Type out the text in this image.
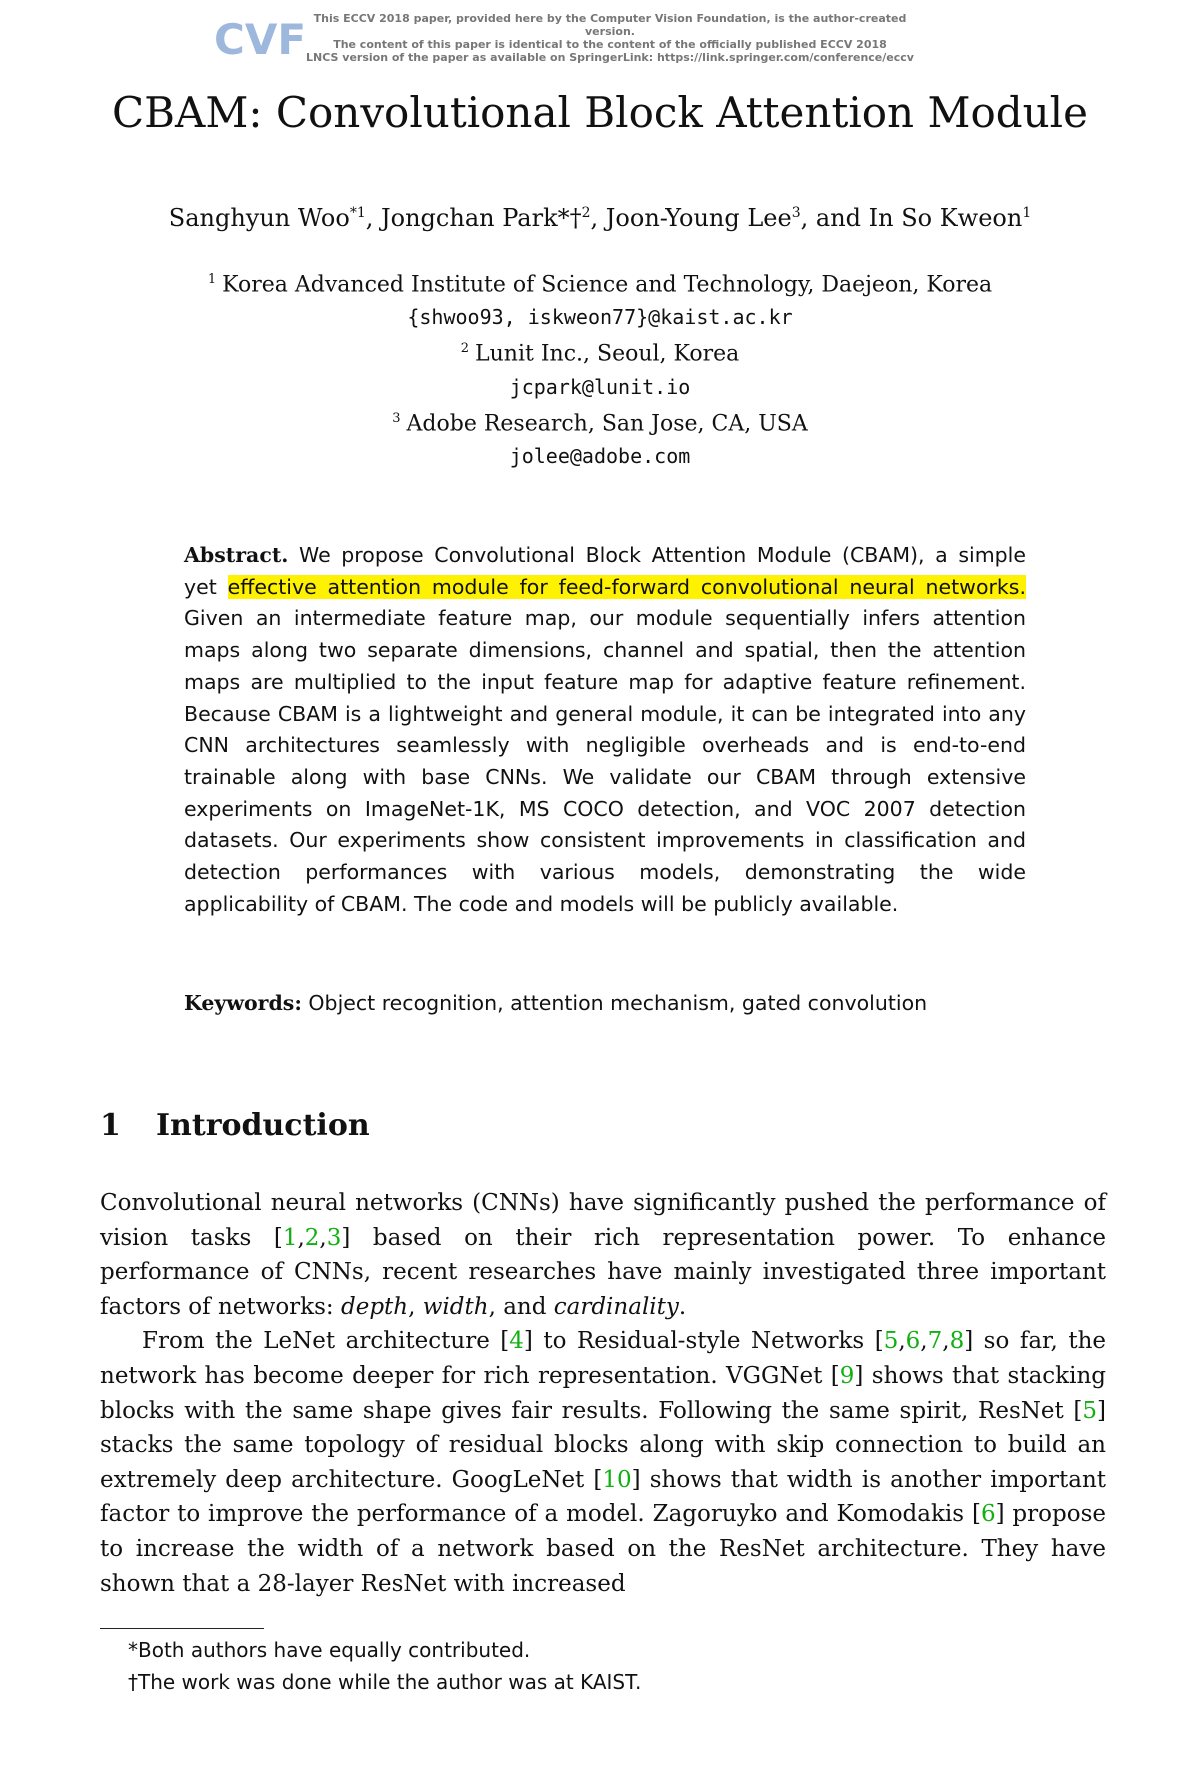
CVF This ECCV 2018 paper, provided here by the Computer Vision Foundation, is the author-created version.
The content of this paper is identical to the content of the officially published ECCV 2018
LNCS version of the paper as available on SpringerLink: https://link.springer.com/conference/eccv
CBAM: Convolutional Block Attention Module
Sanghyun Woo$^{*1}$, Jongchan Park*†$^2$, Joon-Young Lee$^3$, and In So Kweon$^1$
$^1$ Korea Advanced Institute of Science and Technology, Daejeon, Korea
{shwoo93, iskweon77}@kaist.ac.kr
$^2$ Lunit Inc., Seoul, Korea
jcpark@lunit.io
$^3$ Adobe Research, San Jose, CA, USA
jolee@adobe.com
Abstract. We propose Convolutional Block Attention Module (CBAM), a simple yet effective attention module for feed-forward convolutional neural networks. Given an intermediate feature map, our module sequentially infers attention maps along two separate dimensions, channel and spatial, then the attention maps are multiplied to the input feature map for adaptive feature refinement. Because CBAM is a lightweight and general module, it can be integrated into any CNN architectures seamlessly with negligible overheads and is end-to-end trainable along with base CNNs. We validate our CBAM through extensive experiments on ImageNet-1K, MS COCO detection, and VOC 2007 detection datasets. Our experiments show consistent improvements in classification and detection performances with various models, demonstrating the wide applicability of CBAM. The code and models will be publicly available.
Keywords: Object recognition, attention mechanism, gated convolution
1 Introduction

Convolutional neural networks (CNNs) have significantly pushed the performance of vision tasks [1,2,3] based on their rich representation power. To enhance performance of CNNs, recent researches have mainly investigated three important factors of networks: depth, width, and cardinality.

From the LeNet architecture [4] to Residual-style Networks [5,6,7,8] so far, the network has become deeper for rich representation. VGGNet [9] shows that stacking blocks with the same shape gives fair results. Following the same spirit, ResNet [5] stacks the same topology of residual blocks along with skip connection to build an extremely deep architecture. GoogLeNet [10] shows that width is another important factor to improve the performance of a model. Zagoruyko and Komodakis [6] propose to increase the width of a network based on the ResNet architecture. They have shown that a 28-layer ResNet with increased

*Both authors have equally contributed.
†The work was done while the author was at KAIST.
